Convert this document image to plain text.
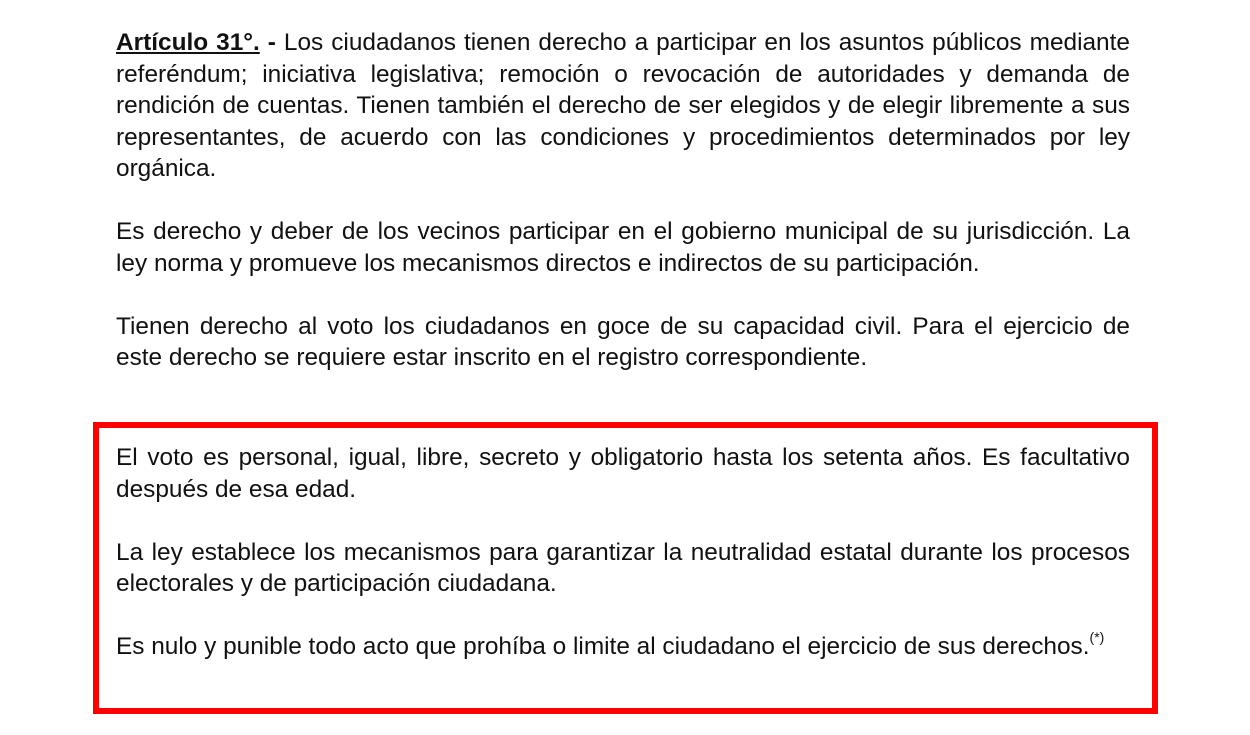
Artículo 31°. - Los ciudadanos tienen derecho a participar en los asuntos públicos mediante referéndum; iniciativa legislativa; remoción o revocación de autoridades y demanda de rendición de cuentas. Tienen también el derecho de ser elegidos y de elegir libremente a sus representantes, de acuerdo con las condiciones y procedimientos determinados por ley orgánica.

Es derecho y deber de los vecinos participar en el gobierno municipal de su jurisdicción. La ley norma y promueve los mecanismos directos e indirectos de su participación.

Tienen derecho al voto los ciudadanos en goce de su capacidad civil. Para el ejercicio de este derecho se requiere estar inscrito en el registro correspondiente.

El voto es personal, igual, libre, secreto y obligatorio hasta los setenta años. Es facultativo después de esa edad.

La ley establece los mecanismos para garantizar la neutralidad estatal durante los procesos electorales y de participación ciudadana.

Es nulo y punible todo acto que prohíba o limite al ciudadano el ejercicio de sus derechos.(*)
